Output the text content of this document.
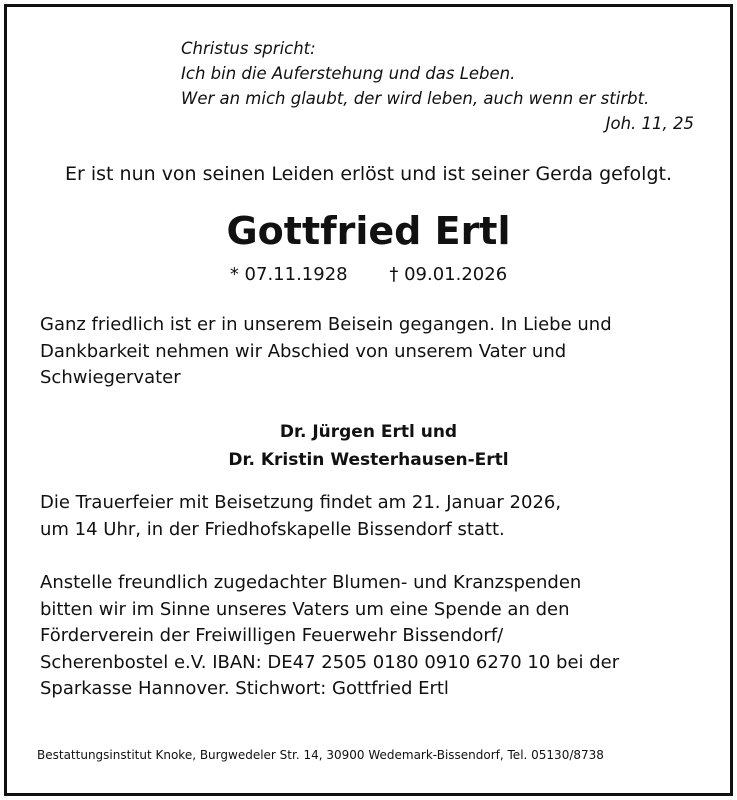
Christus spricht:
Ich bin die Auferstehung und das Leben.
Wer an mich glaubt, der wird leben, auch wenn er stirbt.
Joh. 11, 25
Er ist nun von seinen Leiden erlöst und ist seiner Gerda gefolgt.
Gottfried Ertl
* 07.11.1928 † 09.01.2026
Ganz friedlich ist er in unserem Beisein gegangen. In Liebe und
Dankbarkeit nehmen wir Abschied von unserem Vater und
Schwiegervater
Dr. Jürgen Ertl und
Dr. Kristin Westerhausen-Ertl
Die Trauerfeier mit Beisetzung findet am 21. Januar 2026,
um 14 Uhr, in der Friedhofskapelle Bissendorf statt.
Anstelle freundlich zugedachter Blumen- und Kranzspenden
bitten wir im Sinne unseres Vaters um eine Spende an den
Förderverein der Freiwilligen Feuerwehr Bissendorf/
Scherenbostel e.V. IBAN: DE47 2505 0180 0910 6270 10 bei der
Sparkasse Hannover. Stichwort: Gottfried Ertl
Bestattungsinstitut Knoke, Burgwedeler Str. 14, 30900 Wedemark-Bissendorf, Tel. 05130/8738
